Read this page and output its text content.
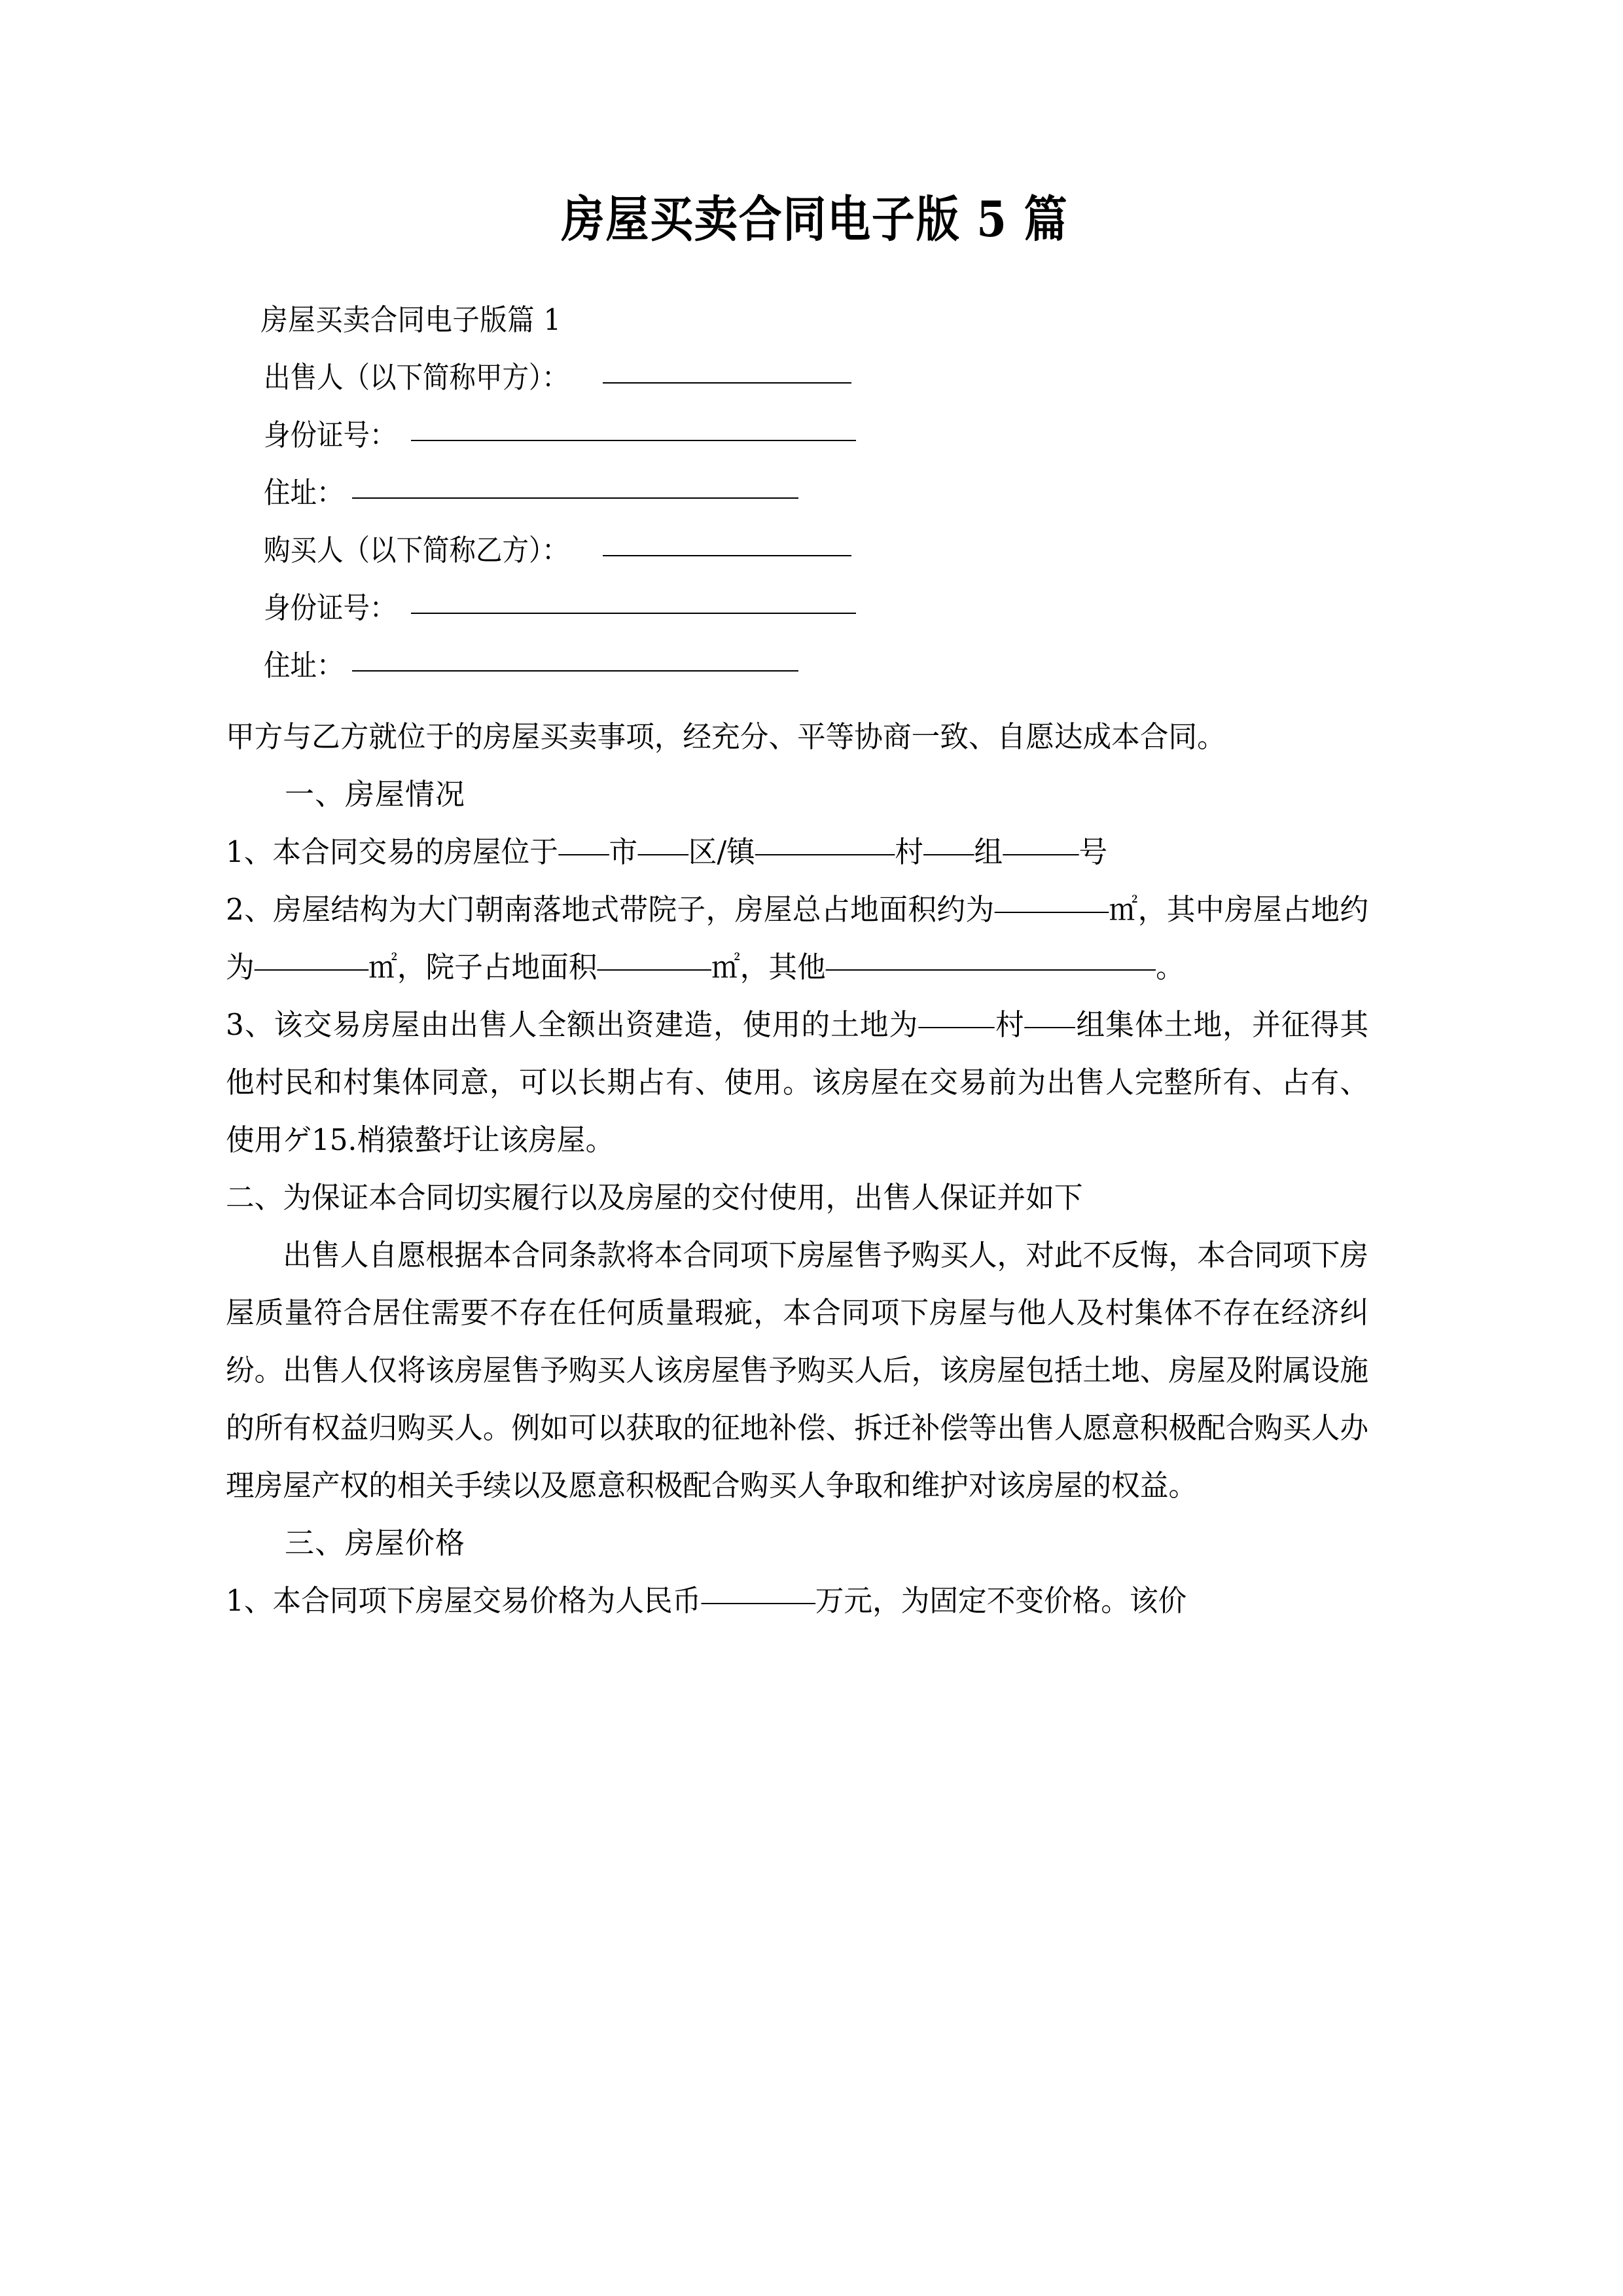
房屋买卖合同电子版 5 篇
房屋买卖合同电子版篇 1
出售人（以下简称甲方）：
身份证号：
住址：
购买人（以下简称乙方）：
身份证号：
住址：
甲方与乙方就位于的房屋买卖事项，经充分、平等协商一致、自愿达成本合同。
一、房屋情况
1、本合同交易的房屋位于 市 区/镇	村 组	号
2、房屋结构为大门朝南落地式带院子，房屋总占地面积约为	㎡，其中房屋占地约为	㎡，院子占地面积	㎡，其他	。
3、该交易房屋由出售人全额出资建造，使用的土地为	村 组集体土地，并征得其他村民和村集体同意，可以长期占有、使用。该房屋在交易前为出售人完整所有、占有、使用ゲ15.梢猿螯圩让该房屋。
二、为保证本合同切实履行以及房屋的交付使用，出售人保证并如下
出售人自愿根据本合同条款将本合同项下房屋售予购买人，对此不反悔，本合同项下房屋质量符合居住需要不存在任何质量瑕疵，本合同项下房屋与他人及村集体不存在经济纠纷。出售人仅将该房屋售予购买人该房屋售予购买人后，该房屋包括土地、房屋及附属设施的所有权益归购买人。例如可以获取的征地补偿、拆迁补偿等出售人愿意积极配合购买人办理房屋产权的相关手续以及愿意积极配合购买人争取和维护对该房屋的权益。
三、房屋价格
1、本合同项下房屋交易价格为人民币	万元，为固定不变价格。该价
